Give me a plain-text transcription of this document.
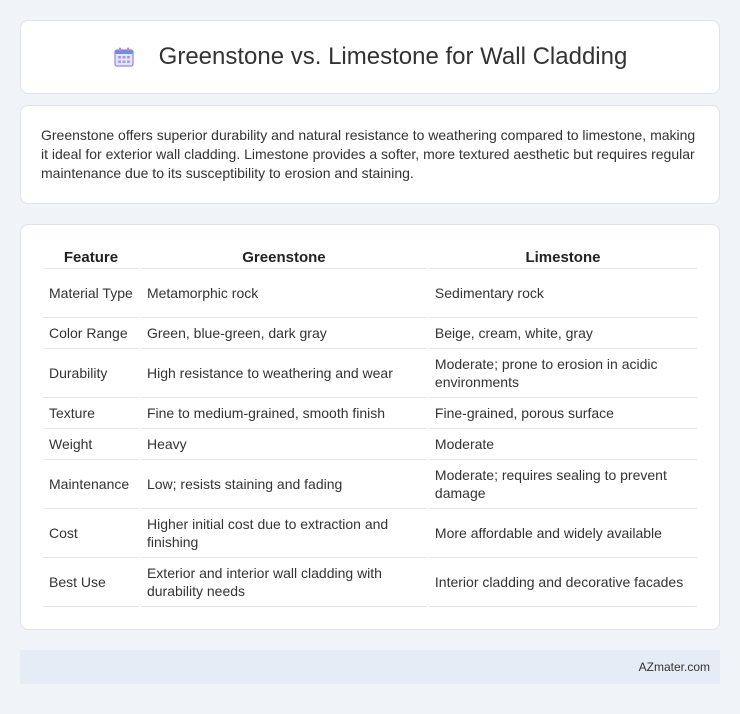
Greenstone vs. Limestone for Wall Cladding

Greenstone offers superior durability and natural resistance to weathering compared to limestone, making it ideal for exterior wall cladding. Limestone provides a softer, more textured aesthetic but requires regular maintenance due to its susceptibility to erosion and staining.

Feature	Greenstone	Limestone
Material Type	Metamorphic rock	Sedimentary rock
Color Range	Green, blue-green, dark gray	Beige, cream, white, gray
Durability	High resistance to weathering and wear	Moderate; prone to erosion in acidic environments
Texture	Fine to medium-grained, smooth finish	Fine-grained, porous surface
Weight	Heavy	Moderate
Maintenance	Low; resists staining and fading	Moderate; requires sealing to prevent damage
Cost	Higher initial cost due to extraction and finishing	More affordable and widely available
Best Use	Exterior and interior wall cladding with durability needs	Interior cladding and decorative facades
AZmater.com
